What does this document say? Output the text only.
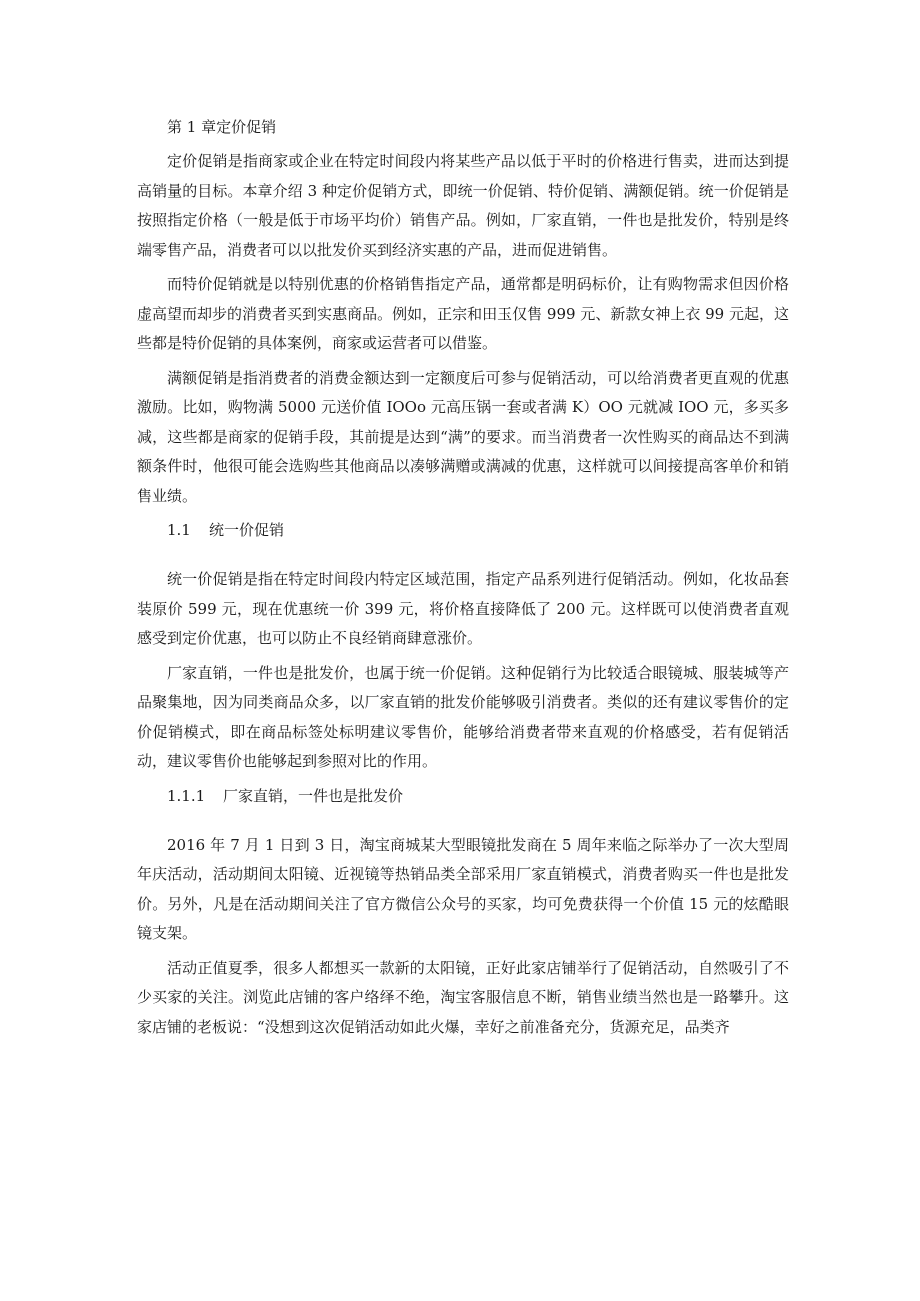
第 1 章定价促销

定价促销是指商家或企业在特定时间段内将某些产品以低于平时的价格进行售卖，进而达到提高销量的目标。本章介绍 3 种定价促销方式，即统一价促销、特价促销、满额促销。统一价促销是按照指定价格（一般是低于市场平均价）销售产品。例如，厂家直销，一件也是批发价，特别是终端零售产品，消费者可以以批发价买到经济实惠的产品，进而促进销售。

而特价促销就是以特别优惠的价格销售指定产品，通常都是明码标价，让有购物需求但因价格虚高望而却步的消费者买到实惠商品。例如，正宗和田玉仅售 999 元、新款女神上衣 99 元起，这些都是特价促销的具体案例，商家或运营者可以借鉴。

满额促销是指消费者的消费金额达到一定额度后可参与促销活动，可以给消费者更直观的优惠激励。比如，购物满 5000 元送价值 IOOo 元高压锅一套或者满 K）OO 元就减 IOO 元，多买多减，这些都是商家的促销手段，其前提是达到“满”的要求。而当消费者一次性购买的商品达不到满额条件时，他很可能会选购些其他商品以凑够满赠或满减的优惠，这样就可以间接提高客单价和销售业绩。

1.1 统一价促销

统一价促销是指在特定时间段内特定区域范围，指定产品系列进行促销活动。例如，化妆品套装原价 599 元，现在优惠统一价 399 元，将价格直接降低了 200 元。这样既可以使消费者直观感受到定价优惠，也可以防止不良经销商肆意涨价。

厂家直销，一件也是批发价，也属于统一价促销。这种促销行为比较适合眼镜城、服装城等产品聚集地，因为同类商品众多，以厂家直销的批发价能够吸引消费者。类似的还有建议零售价的定价促销模式，即在商品标签处标明建议零售价，能够给消费者带来直观的价格感受，若有促销活动，建议零售价也能够起到参照对比的作用。

1.1.1 厂家直销，一件也是批发价

2016 年 7 月 1 日到 3 日，淘宝商城某大型眼镜批发商在 5 周年来临之际举办了一次大型周年庆活动，活动期间太阳镜、近视镜等热销品类全部采用厂家直销模式，消费者购买一件也是批发价。另外，凡是在活动期间关注了官方微信公众号的买家，均可免费获得一个价值 15 元的炫酷眼镜支架。

活动正值夏季，很多人都想买一款新的太阳镜，正好此家店铺举行了促销活动，自然吸引了不少买家的关注。浏览此店铺的客户络绎不绝，淘宝客服信息不断，销售业绩当然也是一路攀升。这家店铺的老板说：“没想到这次促销活动如此火爆，幸好之前准备充分，货源充足，品类齐
